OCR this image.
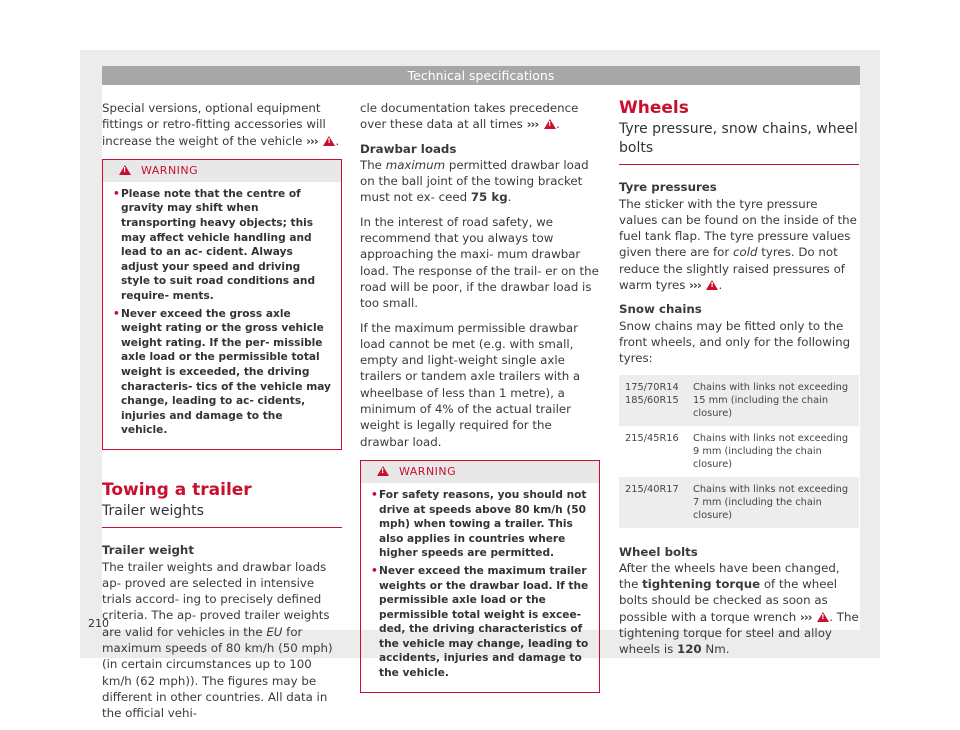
Technical specifications

Special versions, optional equipment fittings or retro-fitting accessories will increase the weight of the vehicle ››› ! .

! WARNING
• Please note that the centre of gravity may shift when transporting heavy objects; this may affect vehicle handling and lead to an ac- cident. Always adjust your speed and driving style to suit road conditions and require- ments.
• Never exceed the gross axle weight rating or the gross vehicle weight rating. If the per- missible axle load or the permissible total weight is exceeded, the driving characteris- tics of the vehicle may change, leading to ac- cidents, injuries and damage to the vehicle.
Towing a trailer
Trailer weights

Trailer weight

The trailer weights and drawbar loads ap- proved are selected in intensive trials accord- ing to precisely defined criteria. The ap- proved trailer weights are valid for vehicles in the EU for maximum speeds of 80 km/h (50 mph) (in certain circumstances up to 100 km/h (62 mph)). The figures may be different in other countries. All data in the official vehi-

cle documentation takes precedence over these data at all times ››› ! .

Drawbar loads

The maximum permitted drawbar load on the ball joint of the towing bracket must not ex- ceed 75 kg.

In the interest of road safety, we recommend that you always tow approaching the maxi- mum drawbar load. The response of the trail- er on the road will be poor, if the drawbar load is too small.

If the maximum permissible drawbar load cannot be met (e.g. with small, empty and light-weight single axle trailers or tandem axle trailers with a wheelbase of less than 1 metre), a minimum of 4% of the actual trailer weight is legally required for the drawbar load.

! WARNING
• For safety reasons, you should not drive at speeds above 80 km/h (50 mph) when towing a trailer. This also applies in countries where higher speeds are permitted.
• Never exceed the maximum trailer weights or the drawbar load. If the permissible axle load or the permissible total weight is excee- ded, the driving characteristics of the vehicle may change, leading to accidents, injuries and damage to the vehicle.
Wheels
Tyre pressure, snow chains, wheel bolts

Tyre pressures

The sticker with the tyre pressure values can be found on the inside of the fuel tank flap. The tyre pressure values given there are for cold tyres. Do not reduce the slightly raised pressures of warm tyres ››› ! .

Snow chains

Snow chains may be fitted only to the front wheels, and only for the following tyres:

175/70R14 185/60R15	Chains with links not exceeding 15 mm (including the chain closure)
215/45R16	Chains with links not exceeding 9 mm (including the chain closure)
215/40R17	Chains with links not exceeding 7 mm (including the chain closure)

Wheel bolts

After the wheels have been changed, the tightening torque of the wheel bolts should be checked as soon as possible with a torque wrench ››› ! . The tightening torque for steel and alloy wheels is 120 Nm.

210
